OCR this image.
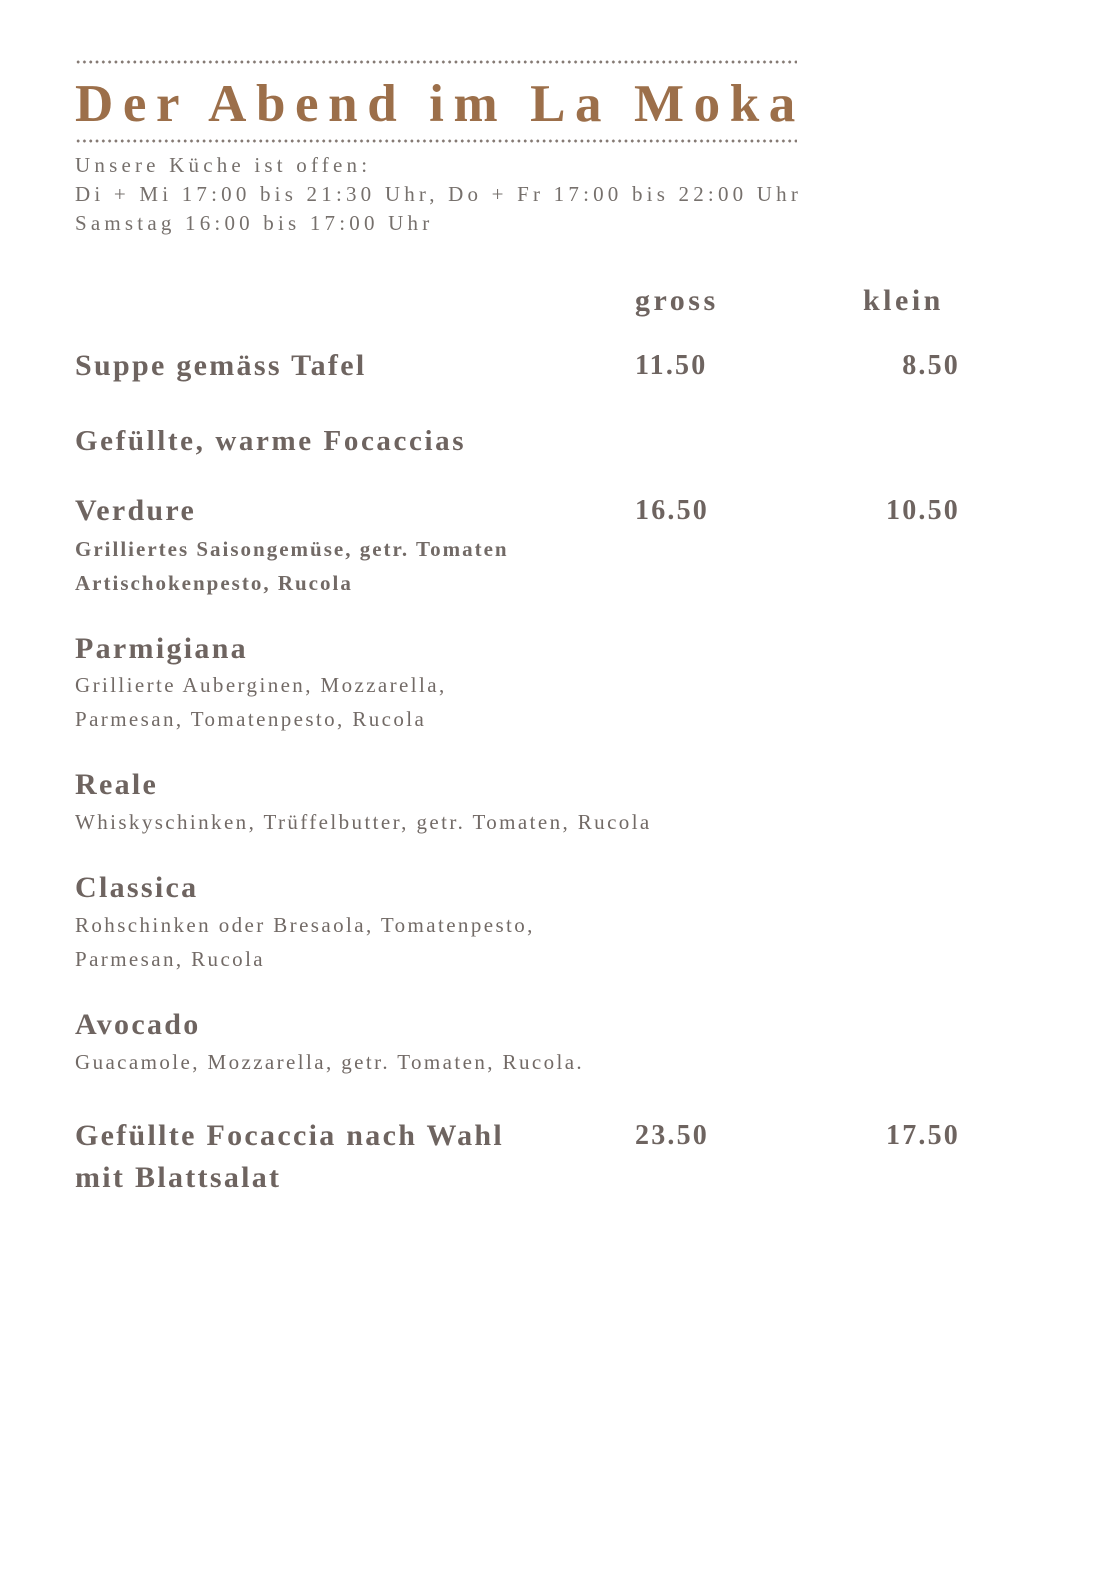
Der Abend im La Moka
Unsere Küche ist offen:
Di + Mi 17:00 bis 21:30 Uhr, Do + Fr 17:00 bis 22:00 Uhr
Samstag 16:00 bis 17:00 Uhr
gross	klein
Suppe gemäss Tafel	11.50	8.50
Gefüllte, warme Focaccias
Verdure	16.50	10.50
Grilliertes Saisongemüse, getr. Tomaten
Artischokenpesto, Rucola
Parmigiana
Grillierte Auberginen, Mozzarella,
Parmesan, Tomatenpesto, Rucola
Reale
Whiskyschinken, Trüffelbutter, getr. Tomaten, Rucola
Classica
Rohschinken oder Bresaola, Tomatenpesto,
Parmesan, Rucola
Avocado
Guacamole, Mozzarella, getr. Tomaten, Rucola.
Gefüllte Focaccia nach Wahl
mit Blattsalat
23.50	17.50
